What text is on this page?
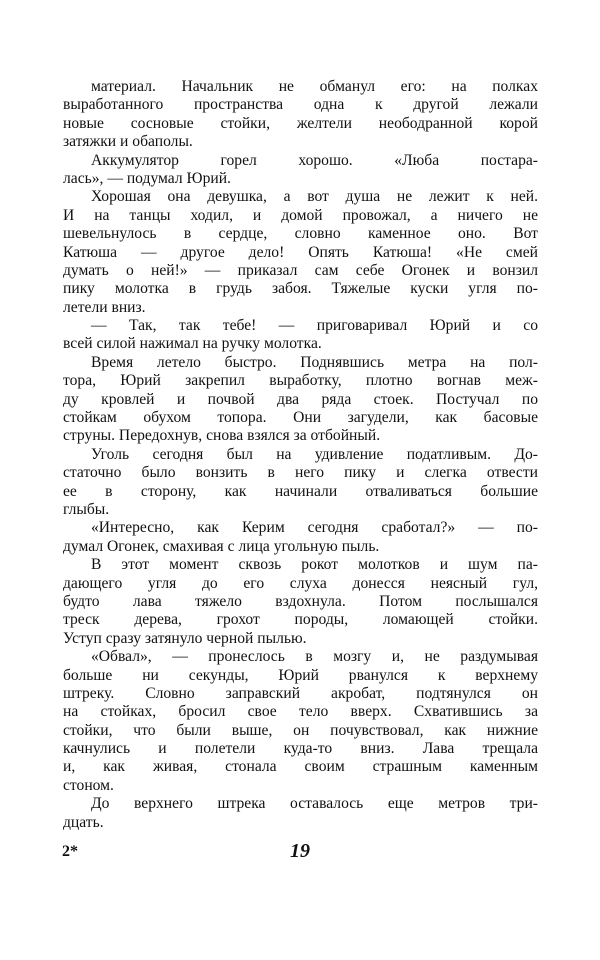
материал. Начальник не обманул его: на полках
выработанного пространства одна к другой лежали
новые сосновые стойки, желтели неободранной корой
затяжки и обаполы.
Аккумулятор горел хорошо. «Люба постара-
лась», — подумал Юрий.
Хорошая она девушка, а вот душа не лежит к ней.
И на танцы ходил, и домой провожал, а ничего не
шевельнулось в сердце, словно каменное оно. Вот
Катюша — другое дело! Опять Катюша! «Не смей
думать о ней!» — приказал сам себе Огонек и вонзил
пику молотка в грудь забоя. Тяжелые куски угля по-
летели вниз.
— Так, так тебе! — приговаривал Юрий и со
всей силой нажимал на ручку молотка.
Время летело быстро. Поднявшись метра на пол-
тора, Юрий закрепил выработку, плотно вогнав меж-
ду кровлей и почвой два ряда стоек. Постучал по
стойкам обухом топора. Они загудели, как басовые
струны. Передохнув, снова взялся за отбойный.
Уголь сегодня был на удивление податливым. До-
статочно было вонзить в него пику и слегка отвести
ее в сторону, как начинали отваливаться большие
глыбы.
«Интересно, как Керим сегодня сработал?» — по-
думал Огонек, смахивая с лица угольную пыль.
В этот момент сквозь рокот молотков и шум па-
дающего угля до его слуха донесся неясный гул,
будто лава тяжело вздохнула. Потом послышался
треск дерева, грохот породы, ломающей стойки.
Уступ сразу затянуло черной пылью.
«Обвал», — пронеслось в мозгу и, не раздумывая
больше ни секунды, Юрий рванулся к верхнему
штреку. Словно заправский акробат, подтянулся он
на стойках, бросил свое тело вверх. Схватившись за
стойки, что были выше, он почувствовал, как нижние
качнулись и полетели куда-то вниз. Лава трещала
и, как живая, стонала своим страшным каменным
стоном.
До верхнего штрека оставалось еще метров три-
дцать.
2*	19
